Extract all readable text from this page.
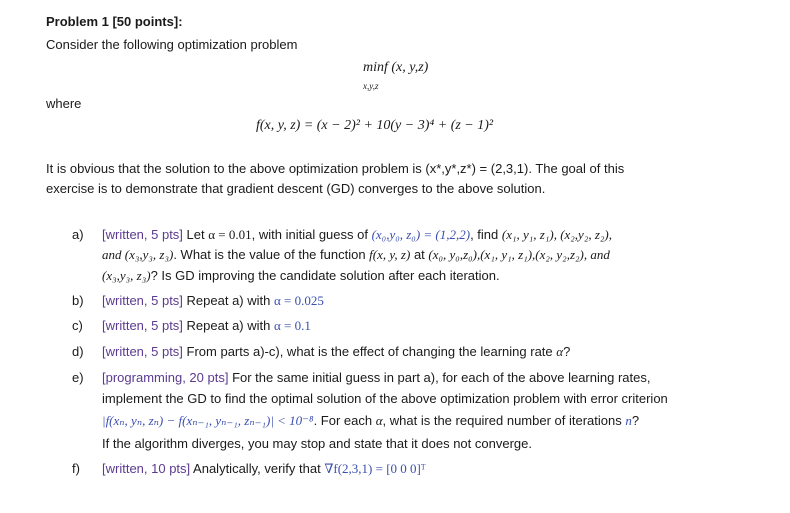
Problem 1 [50 points]:
Consider the following optimization problem
minf (x, y,z)
x,y,z
where
f(x, y, z) = (x − 2)² + 10(y − 3)⁴ + (z − 1)²
It is obvious that the solution to the above optimization problem is (x*,y*,z*) = (2,3,1). The goal of this
exercise is to demonstrate that gradient descent (GD) converges to the above solution.
a) [written, 5 pts] Let α = 0.01, with initial guess of (x₀,y₀, z₀) = (1,2,2), find (x₁, y₁, z₁), (x₂,y₂, z₂),
and (x₃,y₃, z₃). What is the value of the function f(x, y, z) at (x₀, y₀,z₀),(x₁, y₁, z₁),(x₂, y₂,z₂), and
(x₃,y₃, z₃)? Is GD improving the candidate solution after each iteration.
b) [written, 5 pts] Repeat a) with α = 0.025
c) [written, 5 pts] Repeat a) with α = 0.1
d) [written, 5 pts] From parts a)-c), what is the effect of changing the learning rate α?
e) [programming, 20 pts] For the same initial guess in part a), for each of the above learning rates,
implement the GD to find the optimal solution of the above optimization problem with error criterion
|f(xₙ, yₙ, zₙ) − f(xₙ₋₁, yₙ₋₁, zₙ₋₁)| < 10⁻⁸. For each α, what is the required number of iterations n?
If the algorithm diverges, you may stop and state that it does not converge.
f) [written, 10 pts] Analytically, verify that ∇f(2,3,1) = [0 0 0]ᵀ
